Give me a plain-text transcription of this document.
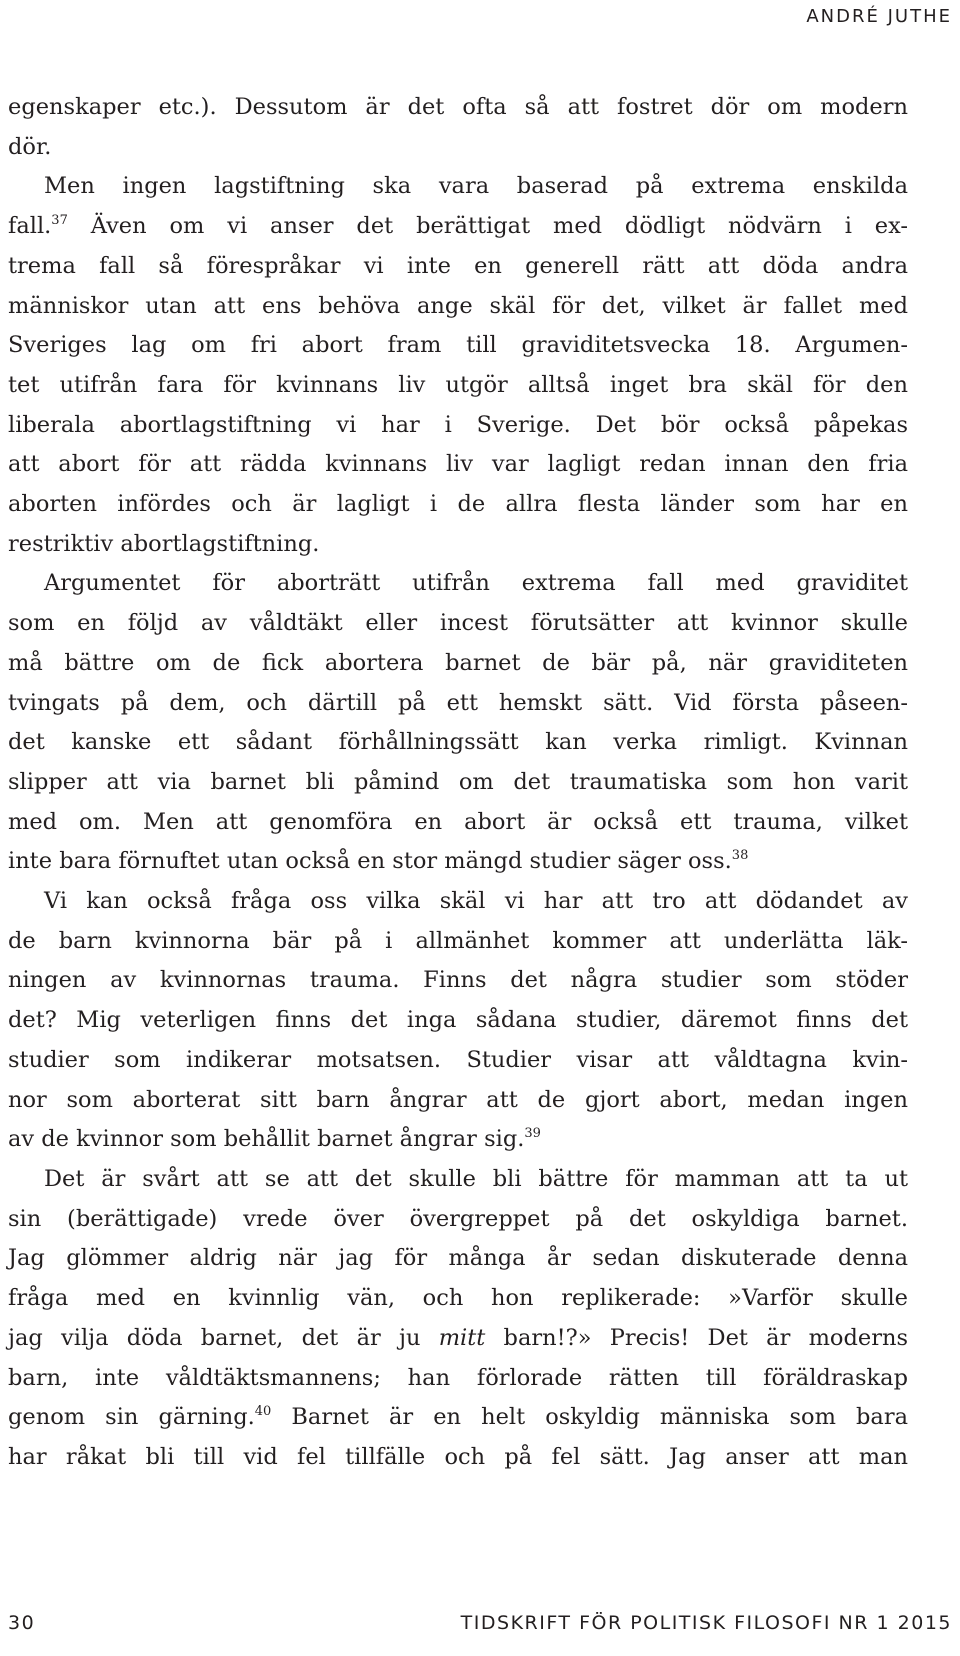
ANDRÉ JUTHE
egenskaper etc.). Dessutom är det ofta så att fostret dör om modern
dör.
Men ingen lagstiftning ska vara baserad på extrema enskilda
fall.$^{37}$ Även om vi anser det berättigat med dödligt nödvärn i ex-
trema fall så förespråkar vi inte en generell rätt att döda andra
människor utan att ens behöva ange skäl för det, vilket är fallet med
Sveriges lag om fri abort fram till graviditetsvecka 18. Argumen-
tet utifrån fara för kvinnans liv utgör alltså inget bra skäl för den
liberala abortlagstiftning vi har i Sverige. Det bör också påpekas
att abort för att rädda kvinnans liv var lagligt redan innan den fria
aborten infördes och är lagligt i de allra flesta länder som har en
restriktiv abortlagstiftning.
Argumentet för aborträtt utifrån extrema fall med graviditet
som en följd av våldtäkt eller incest förutsätter att kvinnor skulle
må bättre om de fick abortera barnet de bär på, när graviditeten
tvingats på dem, och därtill på ett hemskt sätt. Vid första påseen-
det kanske ett sådant förhållningssätt kan verka rimligt. Kvinnan
slipper att via barnet bli påmind om det traumatiska som hon varit
med om. Men att genomföra en abort är också ett trauma, vilket
inte bara förnuftet utan också en stor mängd studier säger oss.$^{38}$
Vi kan också fråga oss vilka skäl vi har att tro att dödandet av
de barn kvinnorna bär på i allmänhet kommer att underlätta läk-
ningen av kvinnornas trauma. Finns det några studier som stöder
det? Mig veterligen finns det inga sådana studier, däremot finns det
studier som indikerar motsatsen. Studier visar att våldtagna kvin-
nor som aborterat sitt barn ångrar att de gjort abort, medan ingen
av de kvinnor som behållit barnet ångrar sig.$^{39}$
Det är svårt att se att det skulle bli bättre för mamman att ta ut
sin (berättigade) vrede över övergreppet på det oskyldiga barnet.
Jag glömmer aldrig när jag för många år sedan diskuterade denna
fråga med en kvinnlig vän, och hon replikerade: »Varför skulle
jag vilja döda barnet, det är ju mitt barn!?» Precis! Det är moderns
barn, inte våldtäktsmannens; han förlorade rätten till föräldraskap
genom sin gärning.$^{40}$ Barnet är en helt oskyldig människa som bara
har råkat bli till vid fel tillfälle och på fel sätt. Jag anser att man
30	TIDSKRIFT FÖR POLITISK FILOSOFI NR 1 2015
